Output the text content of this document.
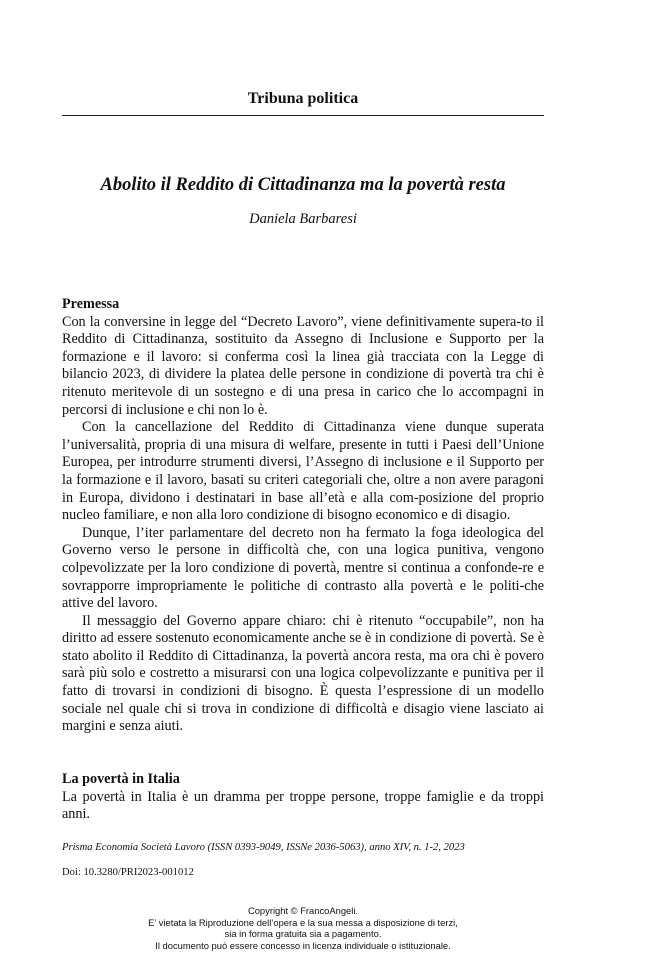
Tribuna politica
Abolito il Reddito di Cittadinanza ma la povertà resta
Daniela Barbaresi
Premessa

Con la conversine in legge del “Decreto Lavoro”, viene definitivamente supera-to il Reddito di Cittadinanza, sostituito da Assegno di Inclusione e Supporto per la formazione e il lavoro: si conferma così la linea già tracciata con la Legge di bilancio 2023, di dividere la platea delle persone in condizione di povertà tra chi è ritenuto meritevole di un sostegno e di una presa in carico che lo accompagni in percorsi di inclusione e chi non lo è.

Con la cancellazione del Reddito di Cittadinanza viene dunque superata l’universalità, propria di una misura di welfare, presente in tutti i Paesi dell’Unione Europea, per introdurre strumenti diversi, l’Assegno di inclusione e il Supporto per la formazione e il lavoro, basati su criteri categoriali che, oltre a non avere paragoni in Europa, dividono i destinatari in base all’età e alla com-posizione del proprio nucleo familiare, e non alla loro condizione di bisogno economico e di disagio.

Dunque, l’iter parlamentare del decreto non ha fermato la foga ideologica del Governo verso le persone in difficoltà che, con una logica punitiva, vengono colpevolizzate per la loro condizione di povertà, mentre si continua a confonde-re e sovrapporre impropriamente le politiche di contrasto alla povertà e le politi-che attive del lavoro.

Il messaggio del Governo appare chiaro: chi è ritenuto “occupabile”, non ha diritto ad essere sostenuto economicamente anche se è in condizione di povertà. Se è stato abolito il Reddito di Cittadinanza, la povertà ancora resta, ma ora chi è povero sarà più solo e costretto a misurarsi con una logica colpevolizzante e punitiva per il fatto di trovarsi in condizioni di bisogno. È questa l’espressione di un modello sociale nel quale chi si trova in condizione di difficoltà e disagio viene lasciato ai margini e senza aiuti.

La povertà in Italia

La povertà in Italia è un dramma per troppe persone, troppe famiglie e da troppi anni.

Prisma Economia Società Lavoro (ISSN 0393-9049, ISSNe 2036-5063), anno XIV, n. 1-2, 2023
Doi: 10.3280/PRI2023-001012
Copyright © FrancoAngeli.
E’ vietata la Riproduzione dell’opera e la sua messa a disposizione di terzi,
sia in forma gratuita sia a pagamento.
Il documento può essere concesso in licenza individuale o istituzionale.
